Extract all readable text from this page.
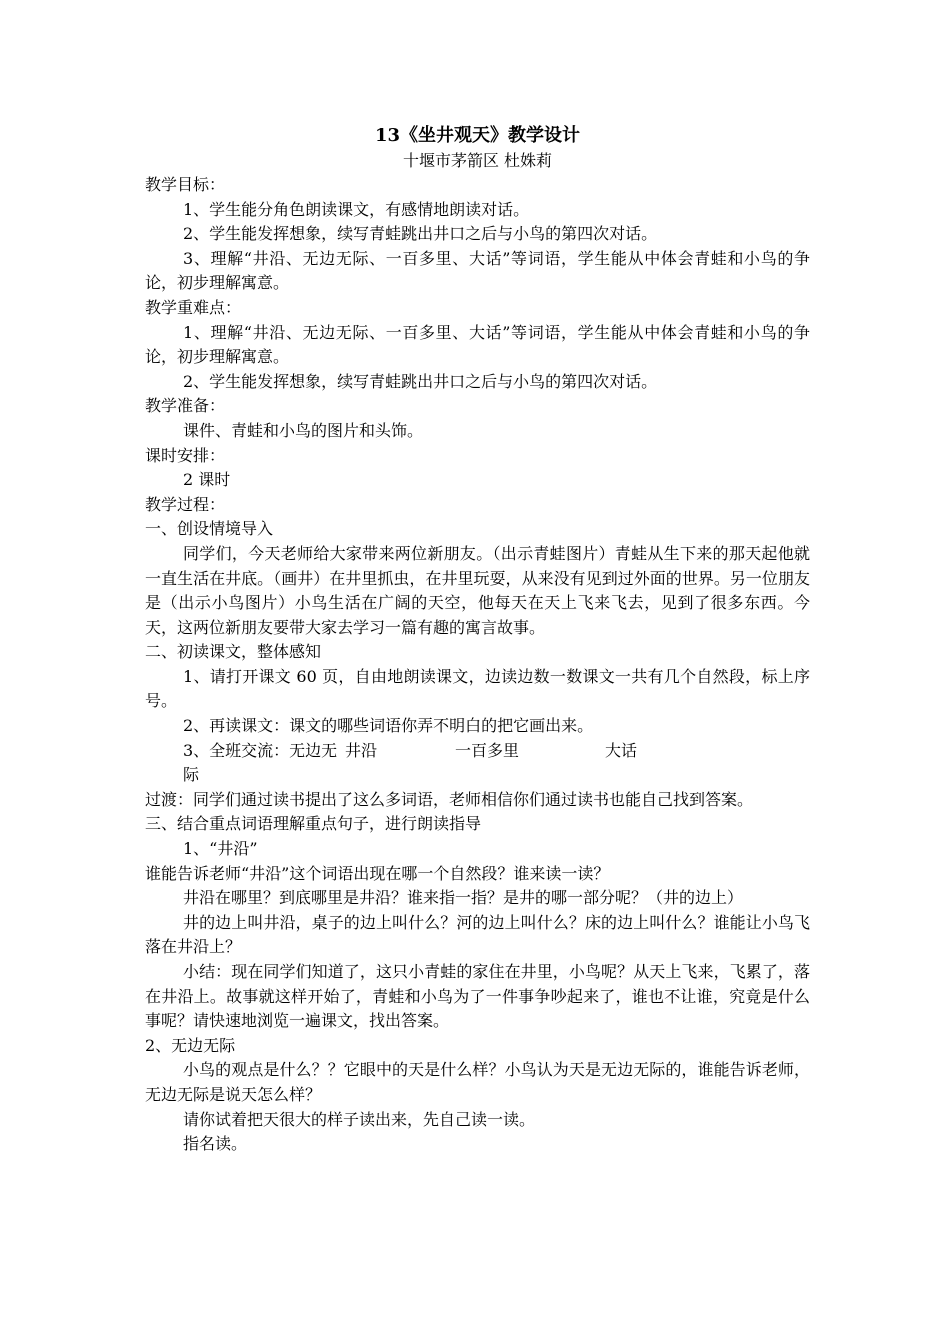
13《坐井观天》教学设计
十堰市茅箭区 杜姝莉

教学目标：

1、学生能分角色朗读课文，有感情地朗读对话。

2、学生能发挥想象，续写青蛙跳出井口之后与小鸟的第四次对话。

3、理解“井沿、无边无际、一百多里、大话”等词语，学生能从中体会青蛙和小鸟的争论，初步理解寓意。

教学重难点：

1、理解“井沿、无边无际、一百多里、大话”等词语，学生能从中体会青蛙和小鸟的争论，初步理解寓意。

2、学生能发挥想象，续写青蛙跳出井口之后与小鸟的第四次对话。

教学准备：

课件、青蛙和小鸟的图片和头饰。

课时安排：

2 课时

教学过程：

一、创设情境导入

同学们，今天老师给大家带来两位新朋友。（出示青蛙图片）青蛙从生下来的那天起他就一直生活在井底。（画井）在井里抓虫，在井里玩耍，从来没有见到过外面的世界。另一位朋友是（出示小鸟图片）小鸟生活在广阔的天空，他每天在天上飞来飞去，见到了很多东西。今天，这两位新朋友要带大家去学习一篇有趣的寓言故事。

二、初读课文，整体感知

1、请打开课文 60 页，自由地朗读课文，边读边数一数课文一共有几个自然段，标上序号。

2、再读课文：课文的哪些词语你弄不明白的把它画出来。

3、全班交流：无边无际
井沿	一百多里	大话

过渡：同学们通过读书提出了这么多词语，老师相信你们通过读书也能自己找到答案。

三、结合重点词语理解重点句子，进行朗读指导

1、“井沿”

谁能告诉老师“井沿”这个词语出现在哪一个自然段？谁来读一读？

井沿在哪里？到底哪里是井沿？谁来指一指？是井的哪一部分呢？（井的边上）

井的边上叫井沿，桌子的边上叫什么？河的边上叫什么？床的边上叫什么？谁能让小鸟飞落在井沿上？

小结：现在同学们知道了，这只小青蛙的家住在井里，小鸟呢？从天上飞来，飞累了，落在井沿上。故事就这样开始了，青蛙和小鸟为了一件事争吵起来了，谁也不让谁，究竟是什么事呢？请快速地浏览一遍课文，找出答案。

2、无边无际

小鸟的观点是什么？？它眼中的天是什么样？小鸟认为天是无边无际的，谁能告诉老师，无边无际是说天怎么样？

请你试着把天很大的样子读出来，先自己读一读。

指名读。
